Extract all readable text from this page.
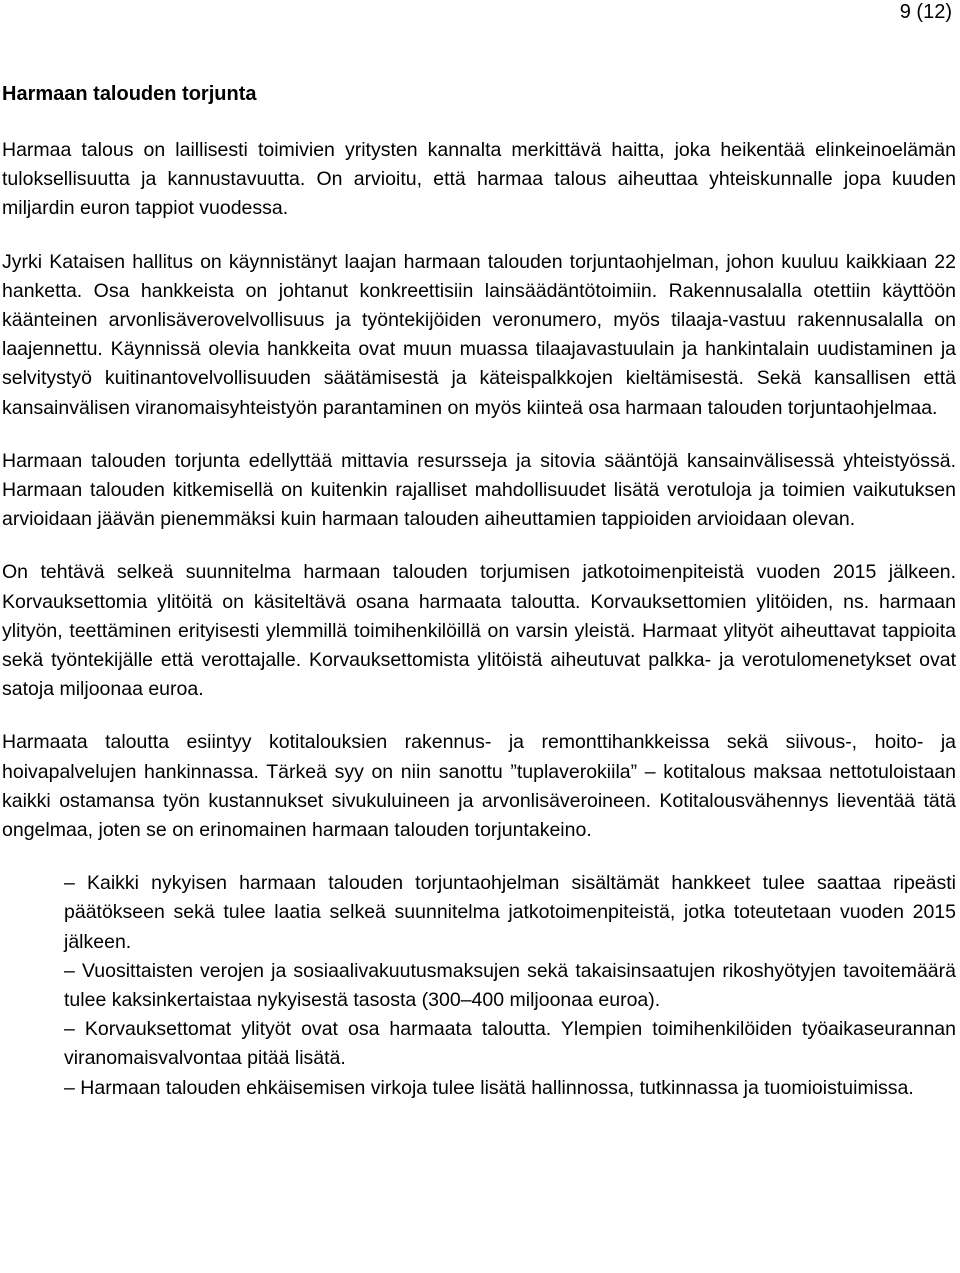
9 (12)
Harmaan talouden torjunta

Harmaa talous on laillisesti toimivien yritysten kannalta merkittävä haitta, joka heikentää elinkeinoelämän tuloksellisuutta ja kannustavuutta. On arvioitu, että harmaa talous aiheuttaa yhteiskunnalle jopa kuuden miljardin euron tappiot vuodessa.

Jyrki Kataisen hallitus on käynnistänyt laajan harmaan talouden torjuntaohjelman, johon kuuluu kaikkiaan 22 hanketta. Osa hankkeista on johtanut konkreettisiin lainsäädäntötoimiin. Rakennusalalla otettiin käyttöön käänteinen arvonlisäverovelvollisuus ja työntekijöiden veronumero, myös tilaaja-vastuu rakennusalalla on laajennettu. Käynnissä olevia hankkeita ovat muun muassa tilaajavastuulain ja hankintalain uudistaminen ja selvitystyö kuitinantovelvollisuuden säätämisestä ja käteispalkkojen kieltämisestä. Sekä kansallisen että kansainvälisen viranomaisyhteistyön parantaminen on myös kiinteä osa harmaan talouden torjuntaohjelmaa.

Harmaan talouden torjunta edellyttää mittavia resursseja ja sitovia sääntöjä kansainvälisessä yhteistyössä. Harmaan talouden kitkemisellä on kuitenkin rajalliset mahdollisuudet lisätä verotuloja ja toimien vaikutuksen arvioidaan jäävän pienemmäksi kuin harmaan talouden aiheuttamien tappioiden arvioidaan olevan.

On tehtävä selkeä suunnitelma harmaan talouden torjumisen jatkotoimenpiteistä vuoden 2015 jälkeen. Korvauksettomia ylitöitä on käsiteltävä osana harmaata taloutta. Korvauksettomien ylitöiden, ns. harmaan ylityön, teettäminen erityisesti ylemmillä toimihenkilöillä on varsin yleistä. Harmaat ylityöt aiheuttavat tappioita sekä työntekijälle että verottajalle. Korvauksettomista ylitöistä aiheutuvat palkka- ja verotulomenetykset ovat satoja miljoonaa euroa.

Harmaata taloutta esiintyy kotitalouksien rakennus- ja remonttihankkeissa sekä siivous-, hoito- ja hoivapalvelujen hankinnassa. Tärkeä syy on niin sanottu ”tuplaverokiila” – kotitalous maksaa nettotuloistaan kaikki ostamansa työn kustannukset sivukuluineen ja arvonlisäveroineen. Kotitalousvähennys lieventää tätä ongelmaa, joten se on erinomainen harmaan talouden torjuntakeino.

– Kaikki nykyisen harmaan talouden torjuntaohjelman sisältämät hankkeet tulee saattaa ripeästi päätökseen sekä tulee laatia selkeä suunnitelma jatkotoimenpiteistä, jotka toteutetaan vuoden 2015 jälkeen.
– Vuosittaisten verojen ja sosiaalivakuutusmaksujen sekä takaisinsaatujen rikoshyötyjen tavoitemäärä tulee kaksinkertaistaa nykyisestä tasosta (300–400 miljoonaa euroa).
– Korvauksettomat ylityöt ovat osa harmaata taloutta. Ylempien toimihenkilöiden työaikaseurannan viranomaisvalvontaa pitää lisätä.
– Harmaan talouden ehkäisemisen virkoja tulee lisätä hallinnossa, tutkinnassa ja tuomioistuimissa.
